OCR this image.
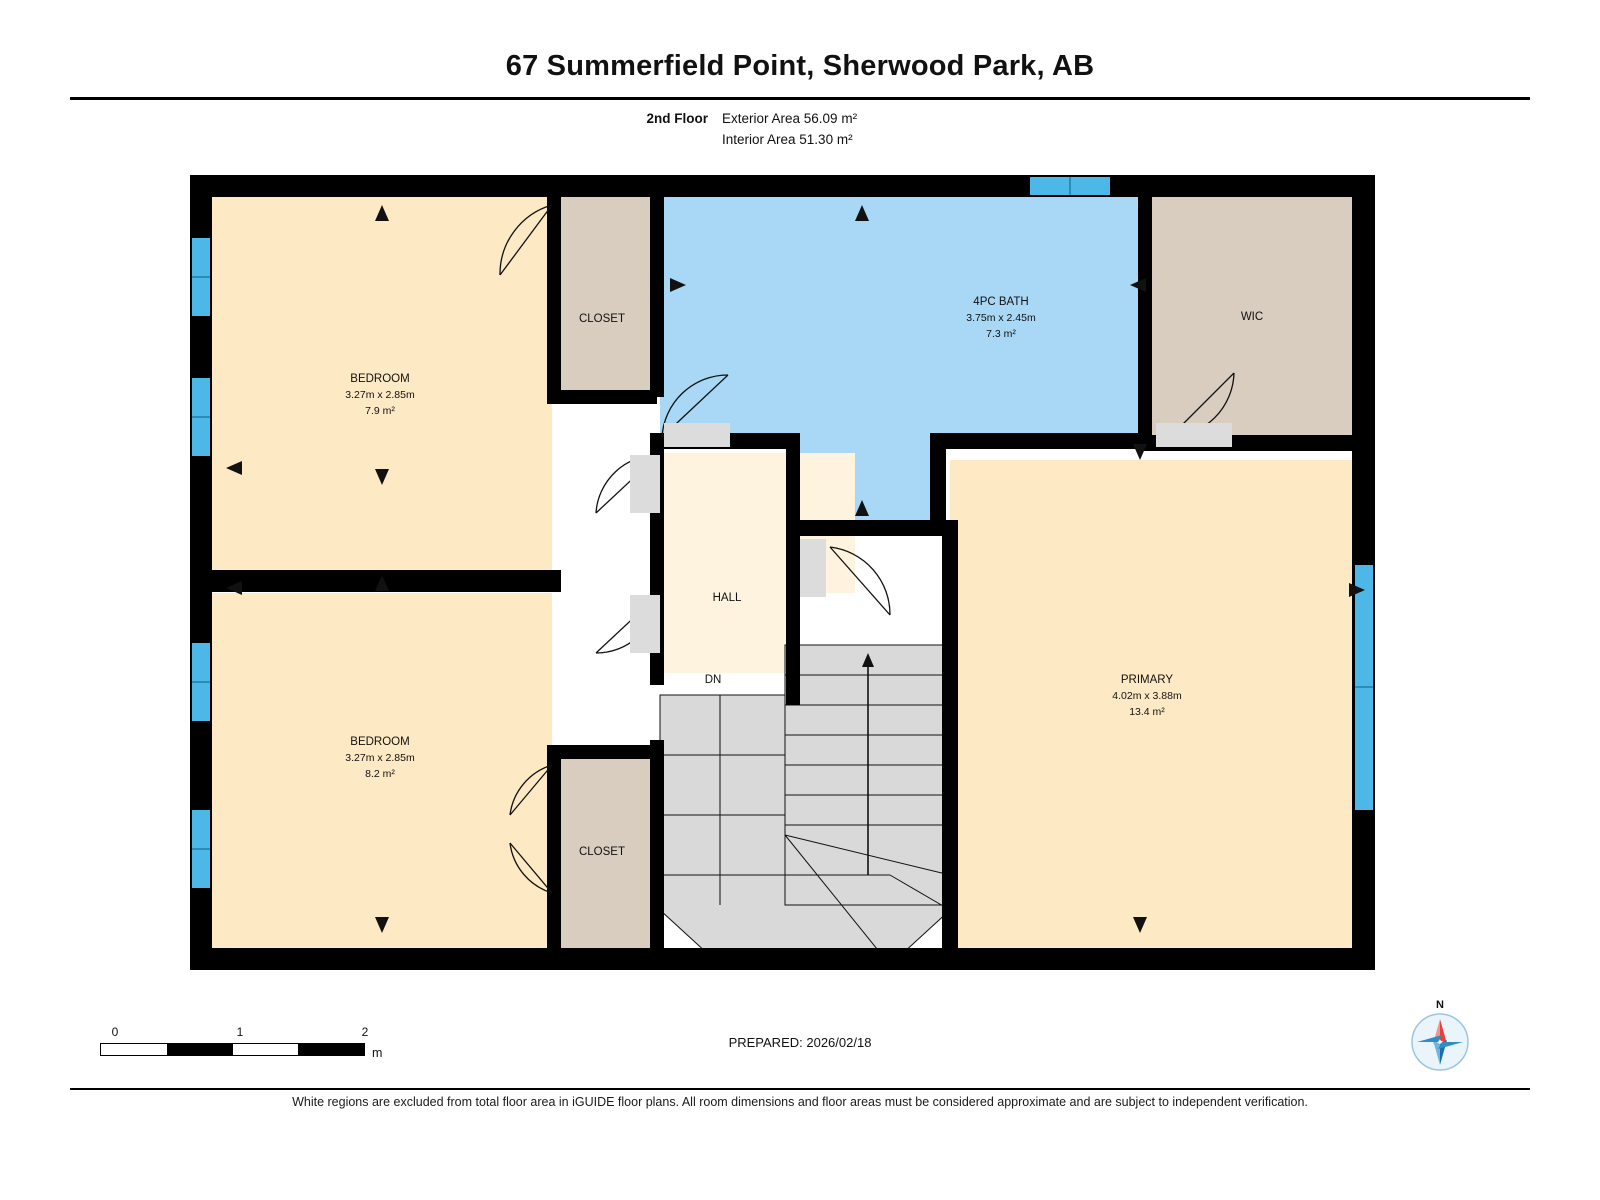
67 Summerfield Point, Sherwood Park, AB
2nd Floor	Exterior Area 56.09 m²
Interior Area 51.30 m²
BEDROOM
3.27m x 2.85m
7.9 m²
BEDROOM
3.27m x 2.85m
8.2 m²
CLOSET
CLOSET
4PC BATH
3.75m x 2.45m
7.3 m²
WIC
HALL
DN	PRIMARY
4.02m x 3.88m
13.4 m²
0	1	2
m
PREPARED: 2026/02/18
N
White regions are excluded from total floor area in iGUIDE floor plans. All room dimensions and floor areas must be considered approximate and are subject to independent verification.
